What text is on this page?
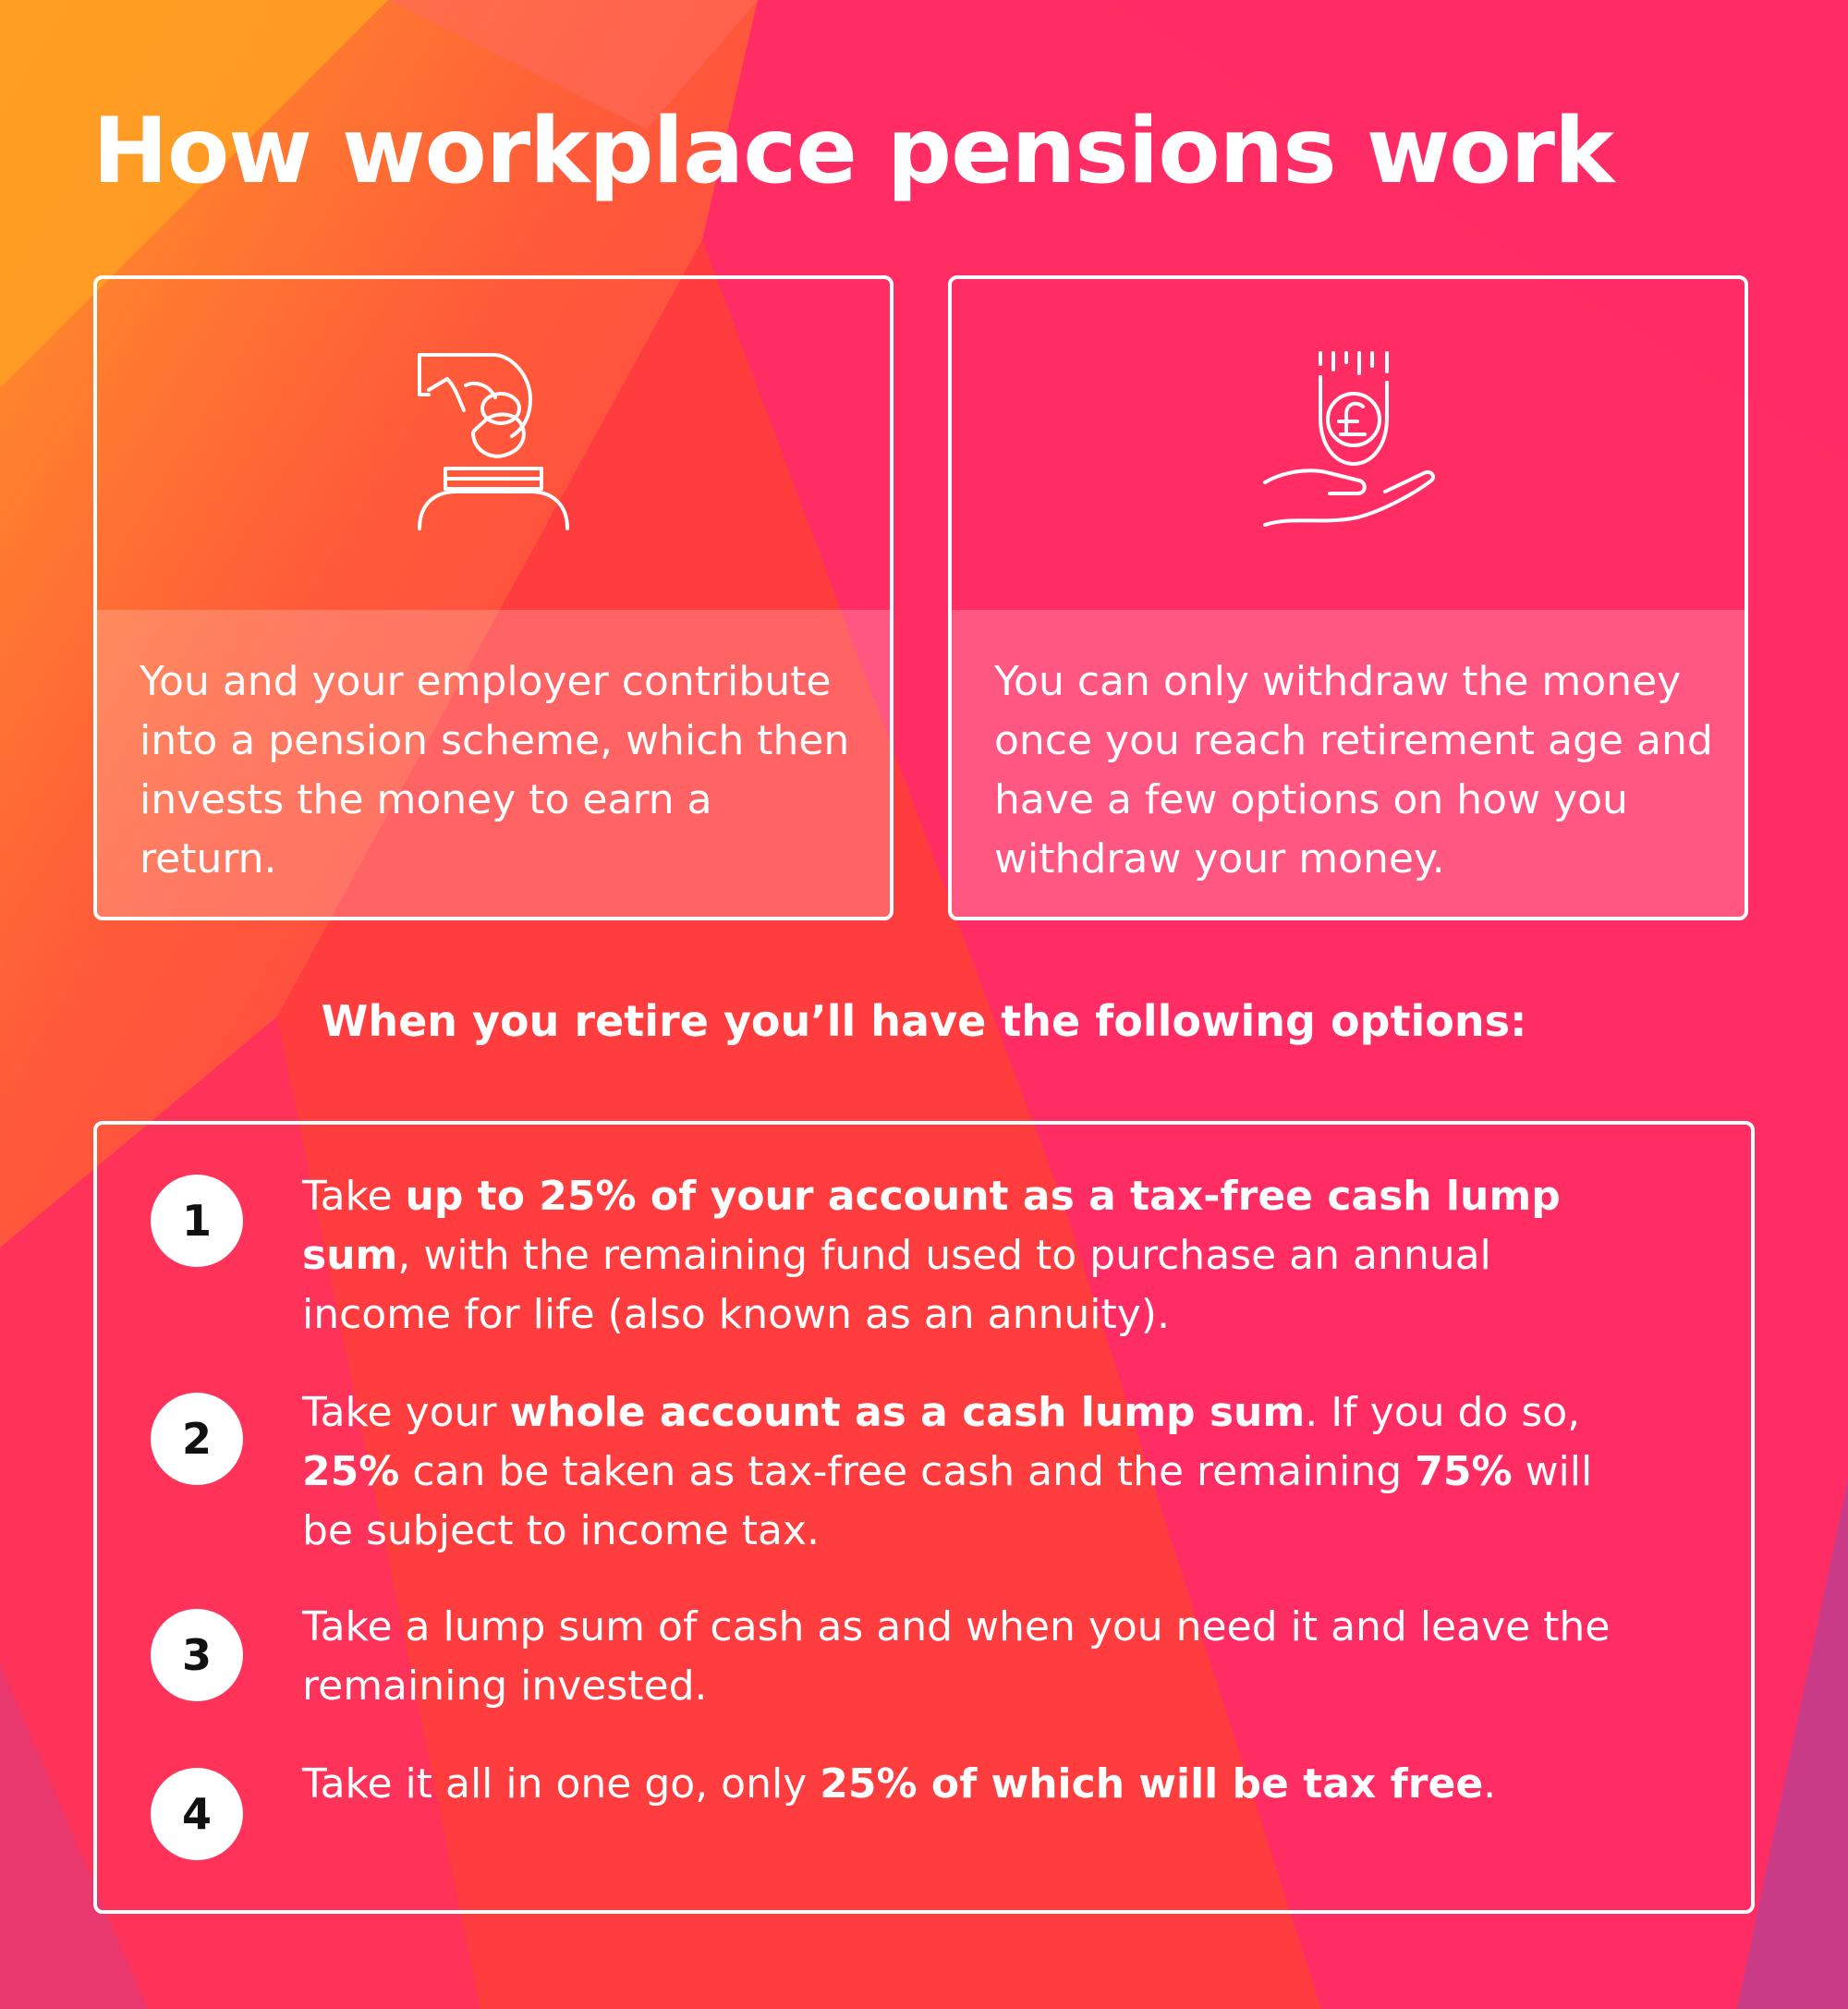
How workplace pensions work

You and your employer contribute into a pension scheme, which then invests the money to earn a return.

You can only withdraw the money once you reach retirement age and have a few options on how you withdraw your money.

When you retire you’ll have the following options:
1	Take up to 25% of your account as a tax-free cash lump sum, with the remaining fund used to purchase an annual income for life (also known as an annuity).

2

Take your whole account as a cash lump sum. If you do so, 25% can be taken as tax-free cash and the remaining 75% will be subject to income tax.

3

Take a lump sum of cash as and when you need it and leave the remaining invested.

4

Take it all in one go, only 25% of which will be tax free.
